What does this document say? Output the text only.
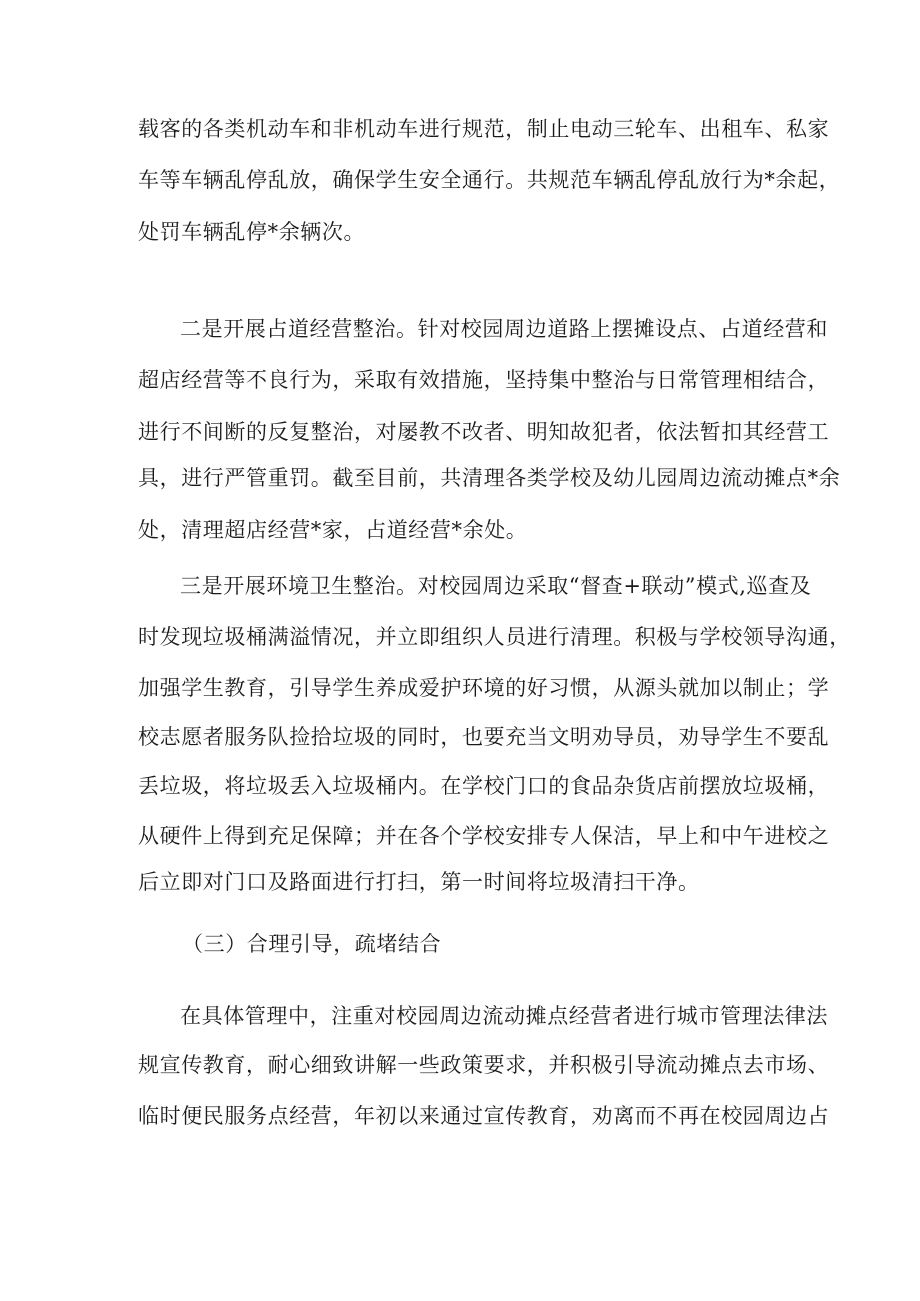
载客的各类机动车和非机动车进行规范，制止电动三轮车、出租车、私家
车等车辆乱停乱放，确保学生安全通行。共规范车辆乱停乱放行为*余起，
处罚车辆乱停*余辆次。
二是开展占道经营整治。针对校园周边道路上摆摊设点、占道经营和
超店经营等不良行为，采取有效措施，坚持集中整治与日常管理相结合，
进行不间断的反复整治，对屡教不改者、明知故犯者，依法暂扣其经营工
具，进行严管重罚。截至目前，共清理各类学校及幼儿园周边流动摊点*余
处，清理超店经营*家，占道经营*余处。
三是开展环境卫生整治。对校园周边采取“督查+联动”模式,巡查及
时发现垃圾桶满溢情况，并立即组织人员进行清理。积极与学校领导沟通，
加强学生教育，引导学生养成爱护环境的好习惯，从源头就加以制止；学
校志愿者服务队捡拾垃圾的同时，也要充当文明劝导员，劝导学生不要乱
丢垃圾，将垃圾丢入垃圾桶内。在学校门口的食品杂货店前摆放垃圾桶，
从硬件上得到充足保障；并在各个学校安排专人保洁，早上和中午进校之
后立即对门口及路面进行打扫，第一时间将垃圾清扫干净。
（三）合理引导，疏堵结合
在具体管理中，注重对校园周边流动摊点经营者进行城市管理法律法
规宣传教育，耐心细致讲解一些政策要求，并积极引导流动摊点去市场、
临时便民服务点经营，年初以来通过宣传教育，劝离而不再在校园周边占
